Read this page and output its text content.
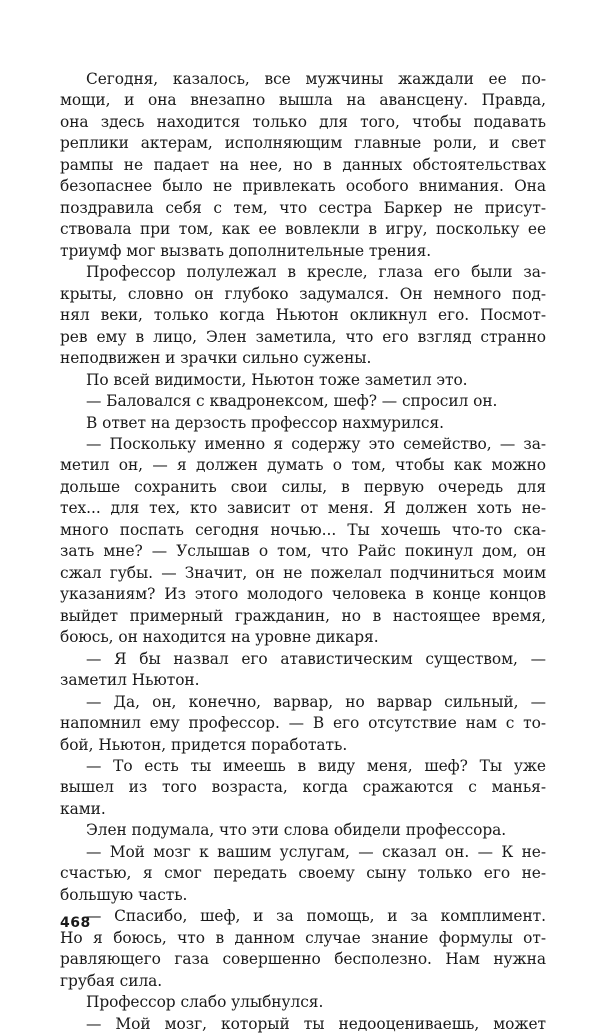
Сегодня, казалось, все мужчины жаждали ее по-
мощи, и она внезапно вышла на авансцену. Правда,
она здесь находится только для того, чтобы подавать
реплики актерам, исполняющим главные роли, и свет
рампы не падает на нее, но в данных обстоятельствах
безопаснее было не привлекать особого внимания. Она
поздравила себя с тем, что сестра Баркер не присут-
ствовала при том, как ее вовлекли в игру, поскольку ее
триумф мог вызвать дополнительные трения.
Профессор полулежал в кресле, глаза его были за-
крыты, словно он глубоко задумался. Он немного под-
нял веки, только когда Ньютон окликнул его. Посмот-
рев ему в лицо, Элен заметила, что его взгляд странно
неподвижен и зрачки сильно сужены.
По всей видимости, Ньютон тоже заметил это.
— Баловался с квадронексом, шеф? — спросил он.
В ответ на дерзость профессор нахмурился.
— Поскольку именно я содержу это семейство, — за-
метил он, — я должен думать о том, чтобы как можно
дольше сохранить свои силы, в первую очередь для
тех... для тех, кто зависит от меня. Я должен хоть не-
много поспать сегодня ночью... Ты хочешь что-то ска-
зать мне? — Услышав о том, что Райс покинул дом, он
сжал губы. — Значит, он не пожелал подчиниться моим
указаниям? Из этого молодого человека в конце концов
выйдет примерный гражданин, но в настоящее время,
боюсь, он находится на уровне дикаря.
— Я бы назвал его атавистическим существом, —
заметил Ньютон.
— Да, он, конечно, варвар, но варвар сильный, —
напомнил ему профессор. — В его отсутствие нам с то-
бой, Ньютон, придется поработать.
— То есть ты имеешь в виду меня, шеф? Ты уже
вышел из того возраста, когда сражаются с манья-
ками.
Элен подумала, что эти слова обидели профессора.
— Мой мозг к вашим услугам, — сказал он. — К не-
счастью, я смог передать своему сыну только его не-
большую часть.
— Спасибо, шеф, и за помощь, и за комплимент.
Но я боюсь, что в данном случае знание формулы от-
равляющего газа совершенно бесполезно. Нам нужна
грубая сила.
Профессор слабо улыбнулся.
— Мой мозг, который ты недооцениваешь, может
468
